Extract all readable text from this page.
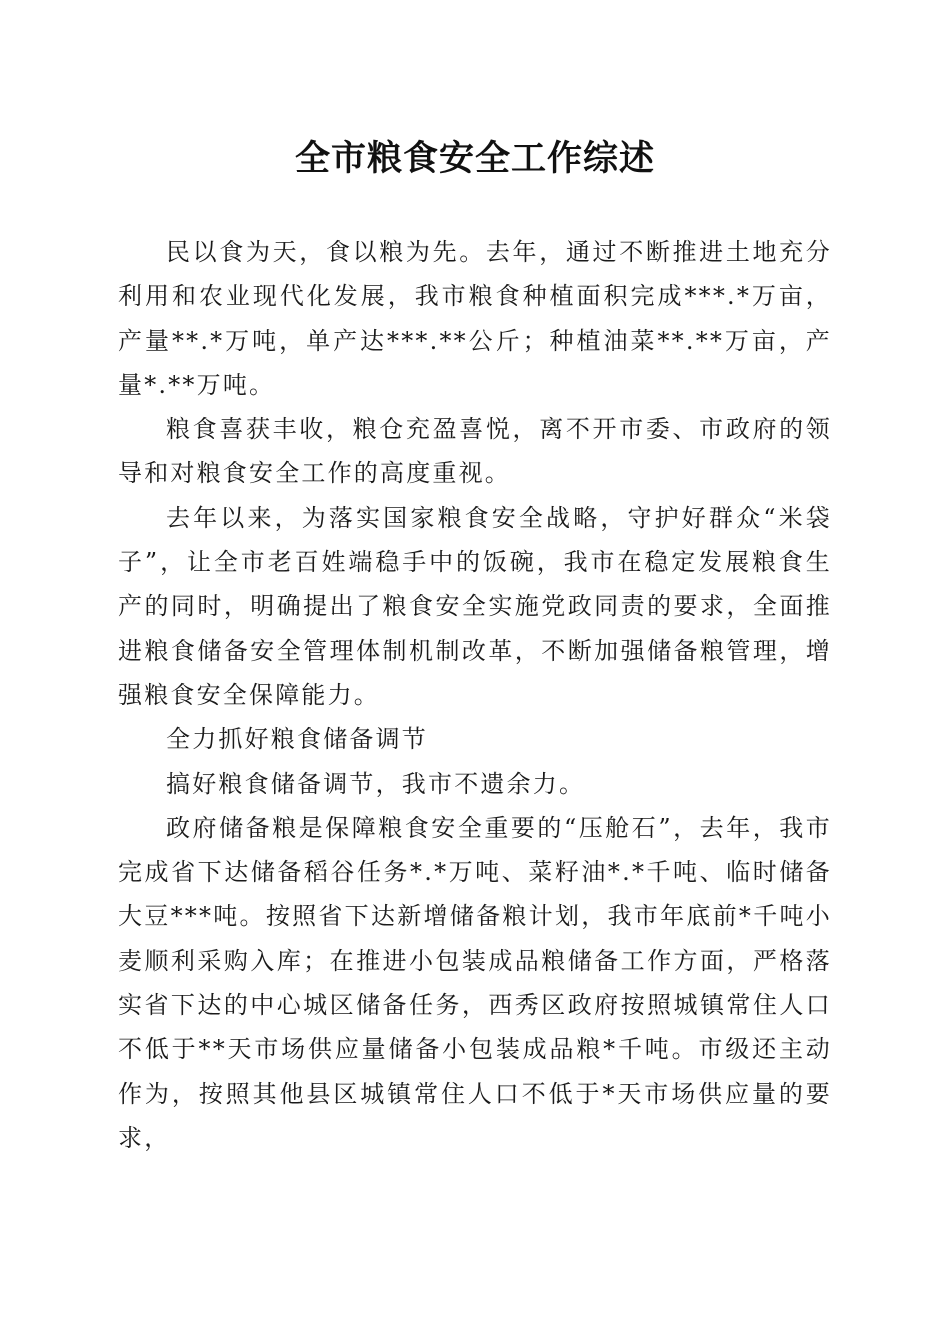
全市粮食安全工作综述

民以食为天，食以粮为先。去年，通过不断推进土地充分利用和农业现代化发展，我市粮食种植面积完成***.*万亩，产量**.*万吨，单产达***.**公斤；种植油菜**.**万亩，产量*.**万吨。

粮食喜获丰收，粮仓充盈喜悦，离不开市委、市政府的领导和对粮食安全工作的高度重视。

去年以来，为落实国家粮食安全战略，守护好群众“米袋子”，让全市老百姓端稳手中的饭碗，我市在稳定发展粮食生产的同时，明确提出了粮食安全实施党政同责的要求，全面推进粮食储备安全管理体制机制改革，不断加强储备粮管理，增强粮食安全保障能力。

全力抓好粮食储备调节

搞好粮食储备调节，我市不遗余力。

政府储备粮是保障粮食安全重要的“压舱石”，去年，我市完成省下达储备稻谷任务*.*万吨、菜籽油*.*千吨、临时储备大豆***吨。按照省下达新增储备粮计划，我市年底前*千吨小麦顺利采购入库；在推进小包装成品粮储备工作方面，严格落实省下达的中心城区储备任务，西秀区政府按照城镇常住人口不低于**天市场供应量储备小包装成品粮*千吨。市级还主动作为，按照其他县区城镇常住人口不低于*天市场供应量的要求，
